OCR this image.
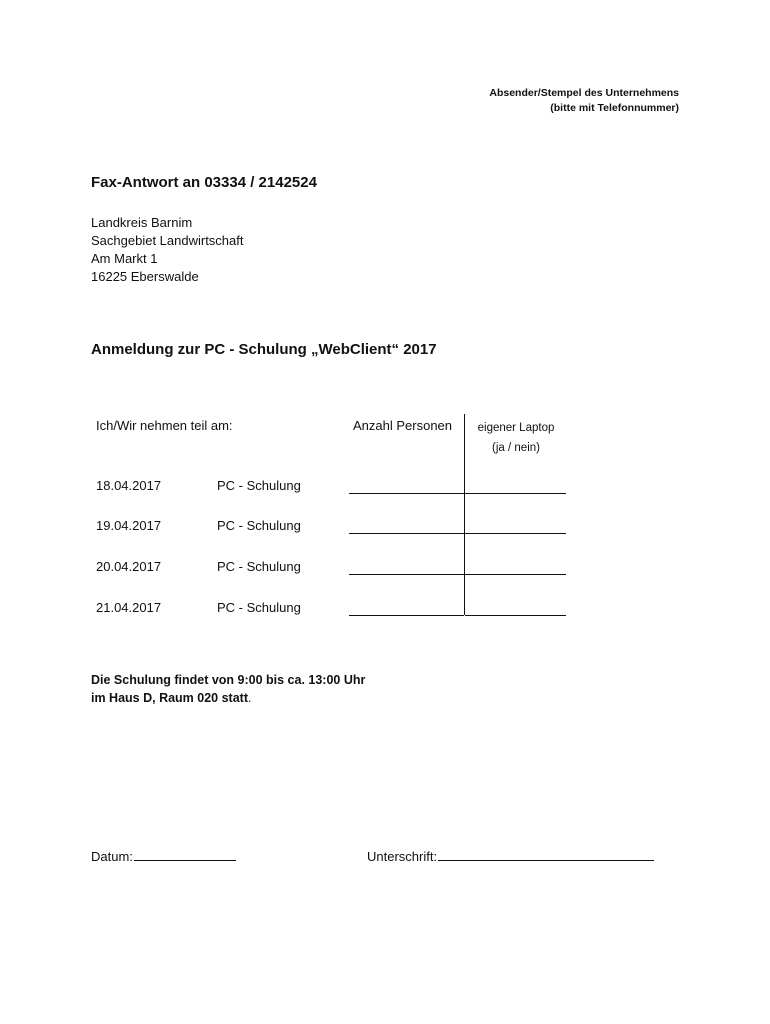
Absender/Stempel des Unternehmens
(bitte mit Telefonnummer)
Fax-Antwort an 03334 / 2142524
Landkreis Barnim
Sachgebiet Landwirtschaft
Am Markt 1
16225 Eberswalde
Anmeldung zur PC - Schulung „WebClient“ 2017
Ich/Wir nehmen teil am:	Anzahl Personen	eigener Laptop
(ja / nein)
18.04.2017	PC - Schulung
19.04.2017	PC - Schulung
20.04.2017	PC - Schulung
21.04.2017	PC - Schulung
Die Schulung findet von 9:00 bis ca. 13:00 Uhr
im Haus D, Raum 020 statt.
Datum:	Unterschrift:
